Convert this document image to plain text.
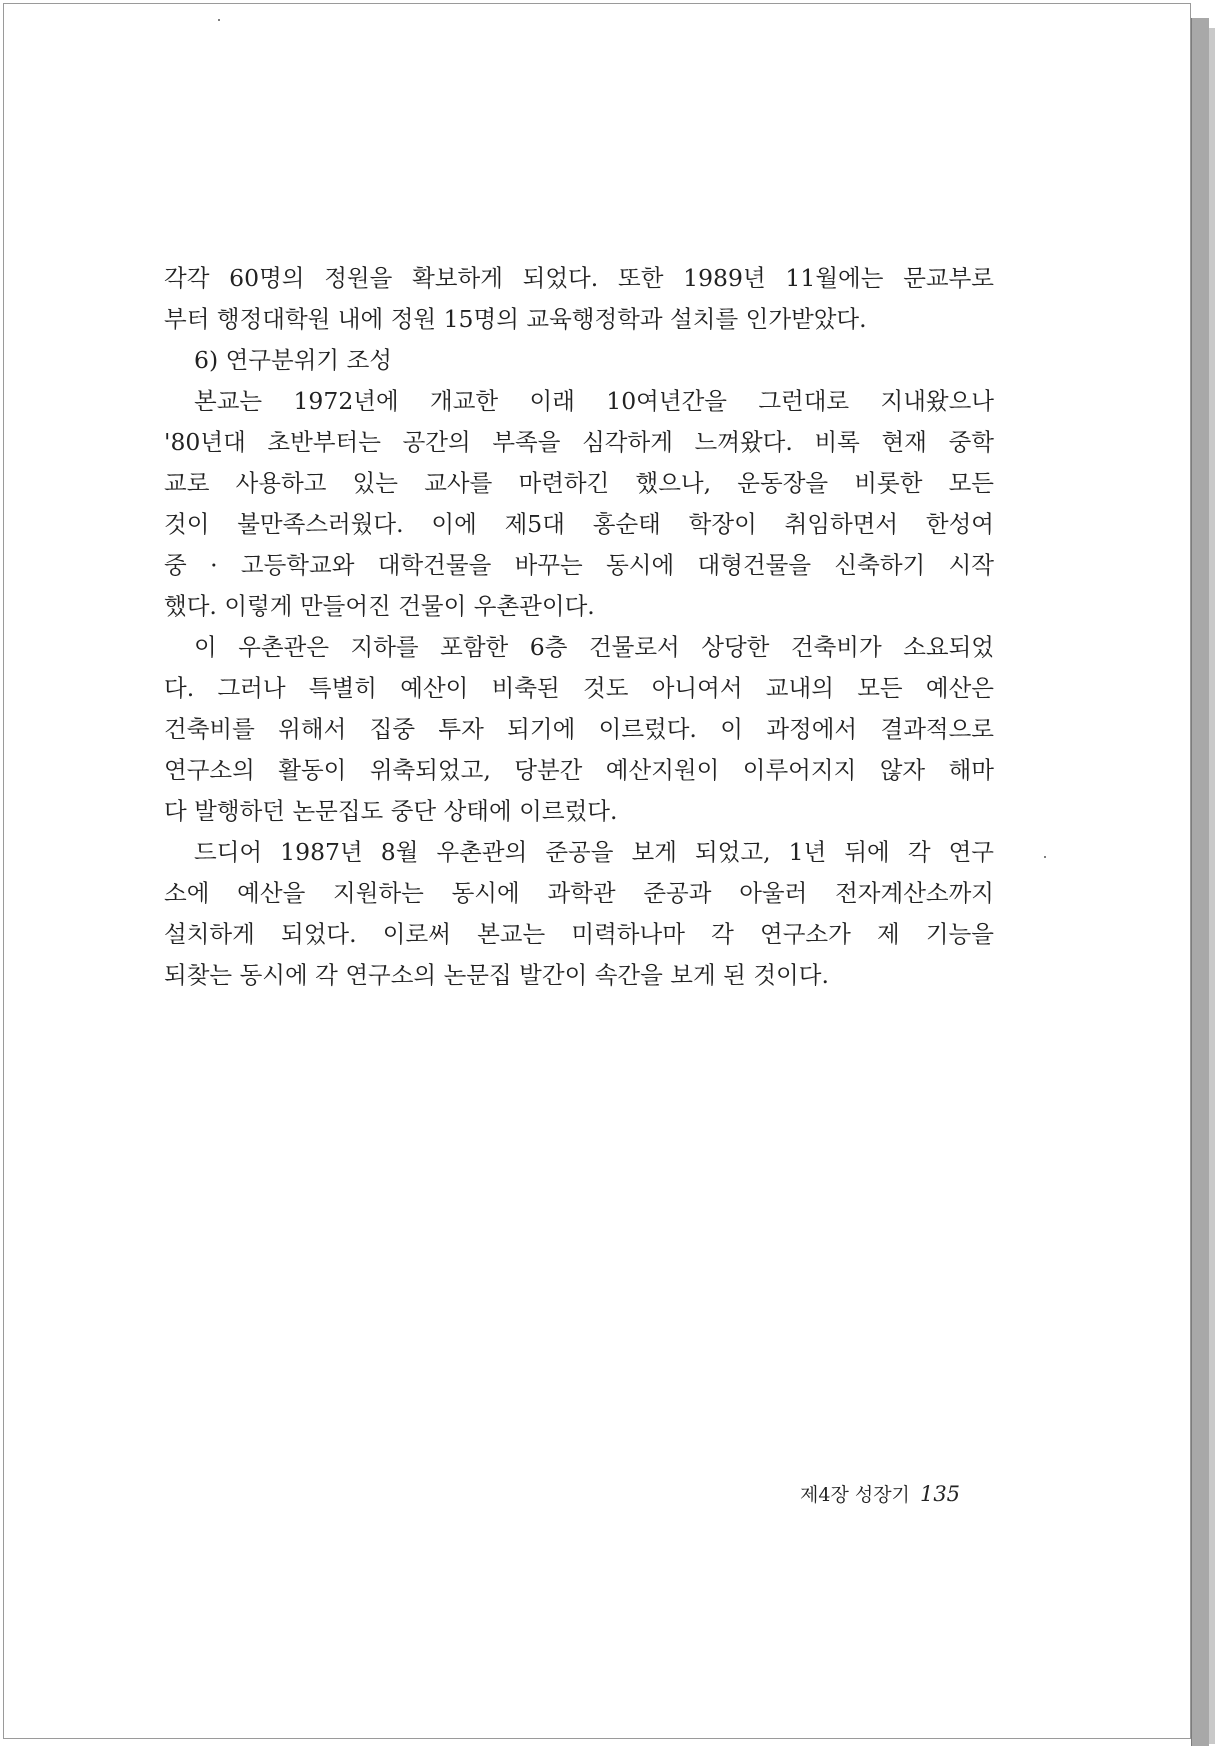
각각 60명의 정원을 확보하게 되었다. 또한 1989년 11월에는 문교부로
부터 행정대학원 내에 정원 15명의 교육행정학과 설치를 인가받았다.
6) 연구분위기 조성
본교는 1972년에 개교한 이래 10여년간을 그런대로 지내왔으나
'80년대 초반부터는 공간의 부족을 심각하게 느껴왔다. 비록 현재 중학
교로 사용하고 있는 교사를 마련하긴 했으나, 운동장을 비롯한 모든
것이 불만족스러웠다. 이에 제5대 홍순태 학장이 취임하면서 한성여
중 · 고등학교와 대학건물을 바꾸는 동시에 대형건물을 신축하기 시작
했다. 이렇게 만들어진 건물이 우촌관이다.
이 우촌관은 지하를 포함한 6층 건물로서 상당한 건축비가 소요되었
다. 그러나 특별히 예산이 비축된 것도 아니여서 교내의 모든 예산은
건축비를 위해서 집중 투자 되기에 이르렀다. 이 과정에서 결과적으로
연구소의 활동이 위축되었고, 당분간 예산지원이 이루어지지 않자 해마
다 발행하던 논문집도 중단 상태에 이르렀다.
드디어 1987년 8월 우촌관의 준공을 보게 되었고, 1년 뒤에 각 연구
소에 예산을 지원하는 동시에 과학관 준공과 아울러 전자계산소까지
설치하게 되었다. 이로써 본교는 미력하나마 각 연구소가 제 기능을
되찾는 동시에 각 연구소의 논문집 발간이 속간을 보게 된 것이다.
제4장 성장기 135
